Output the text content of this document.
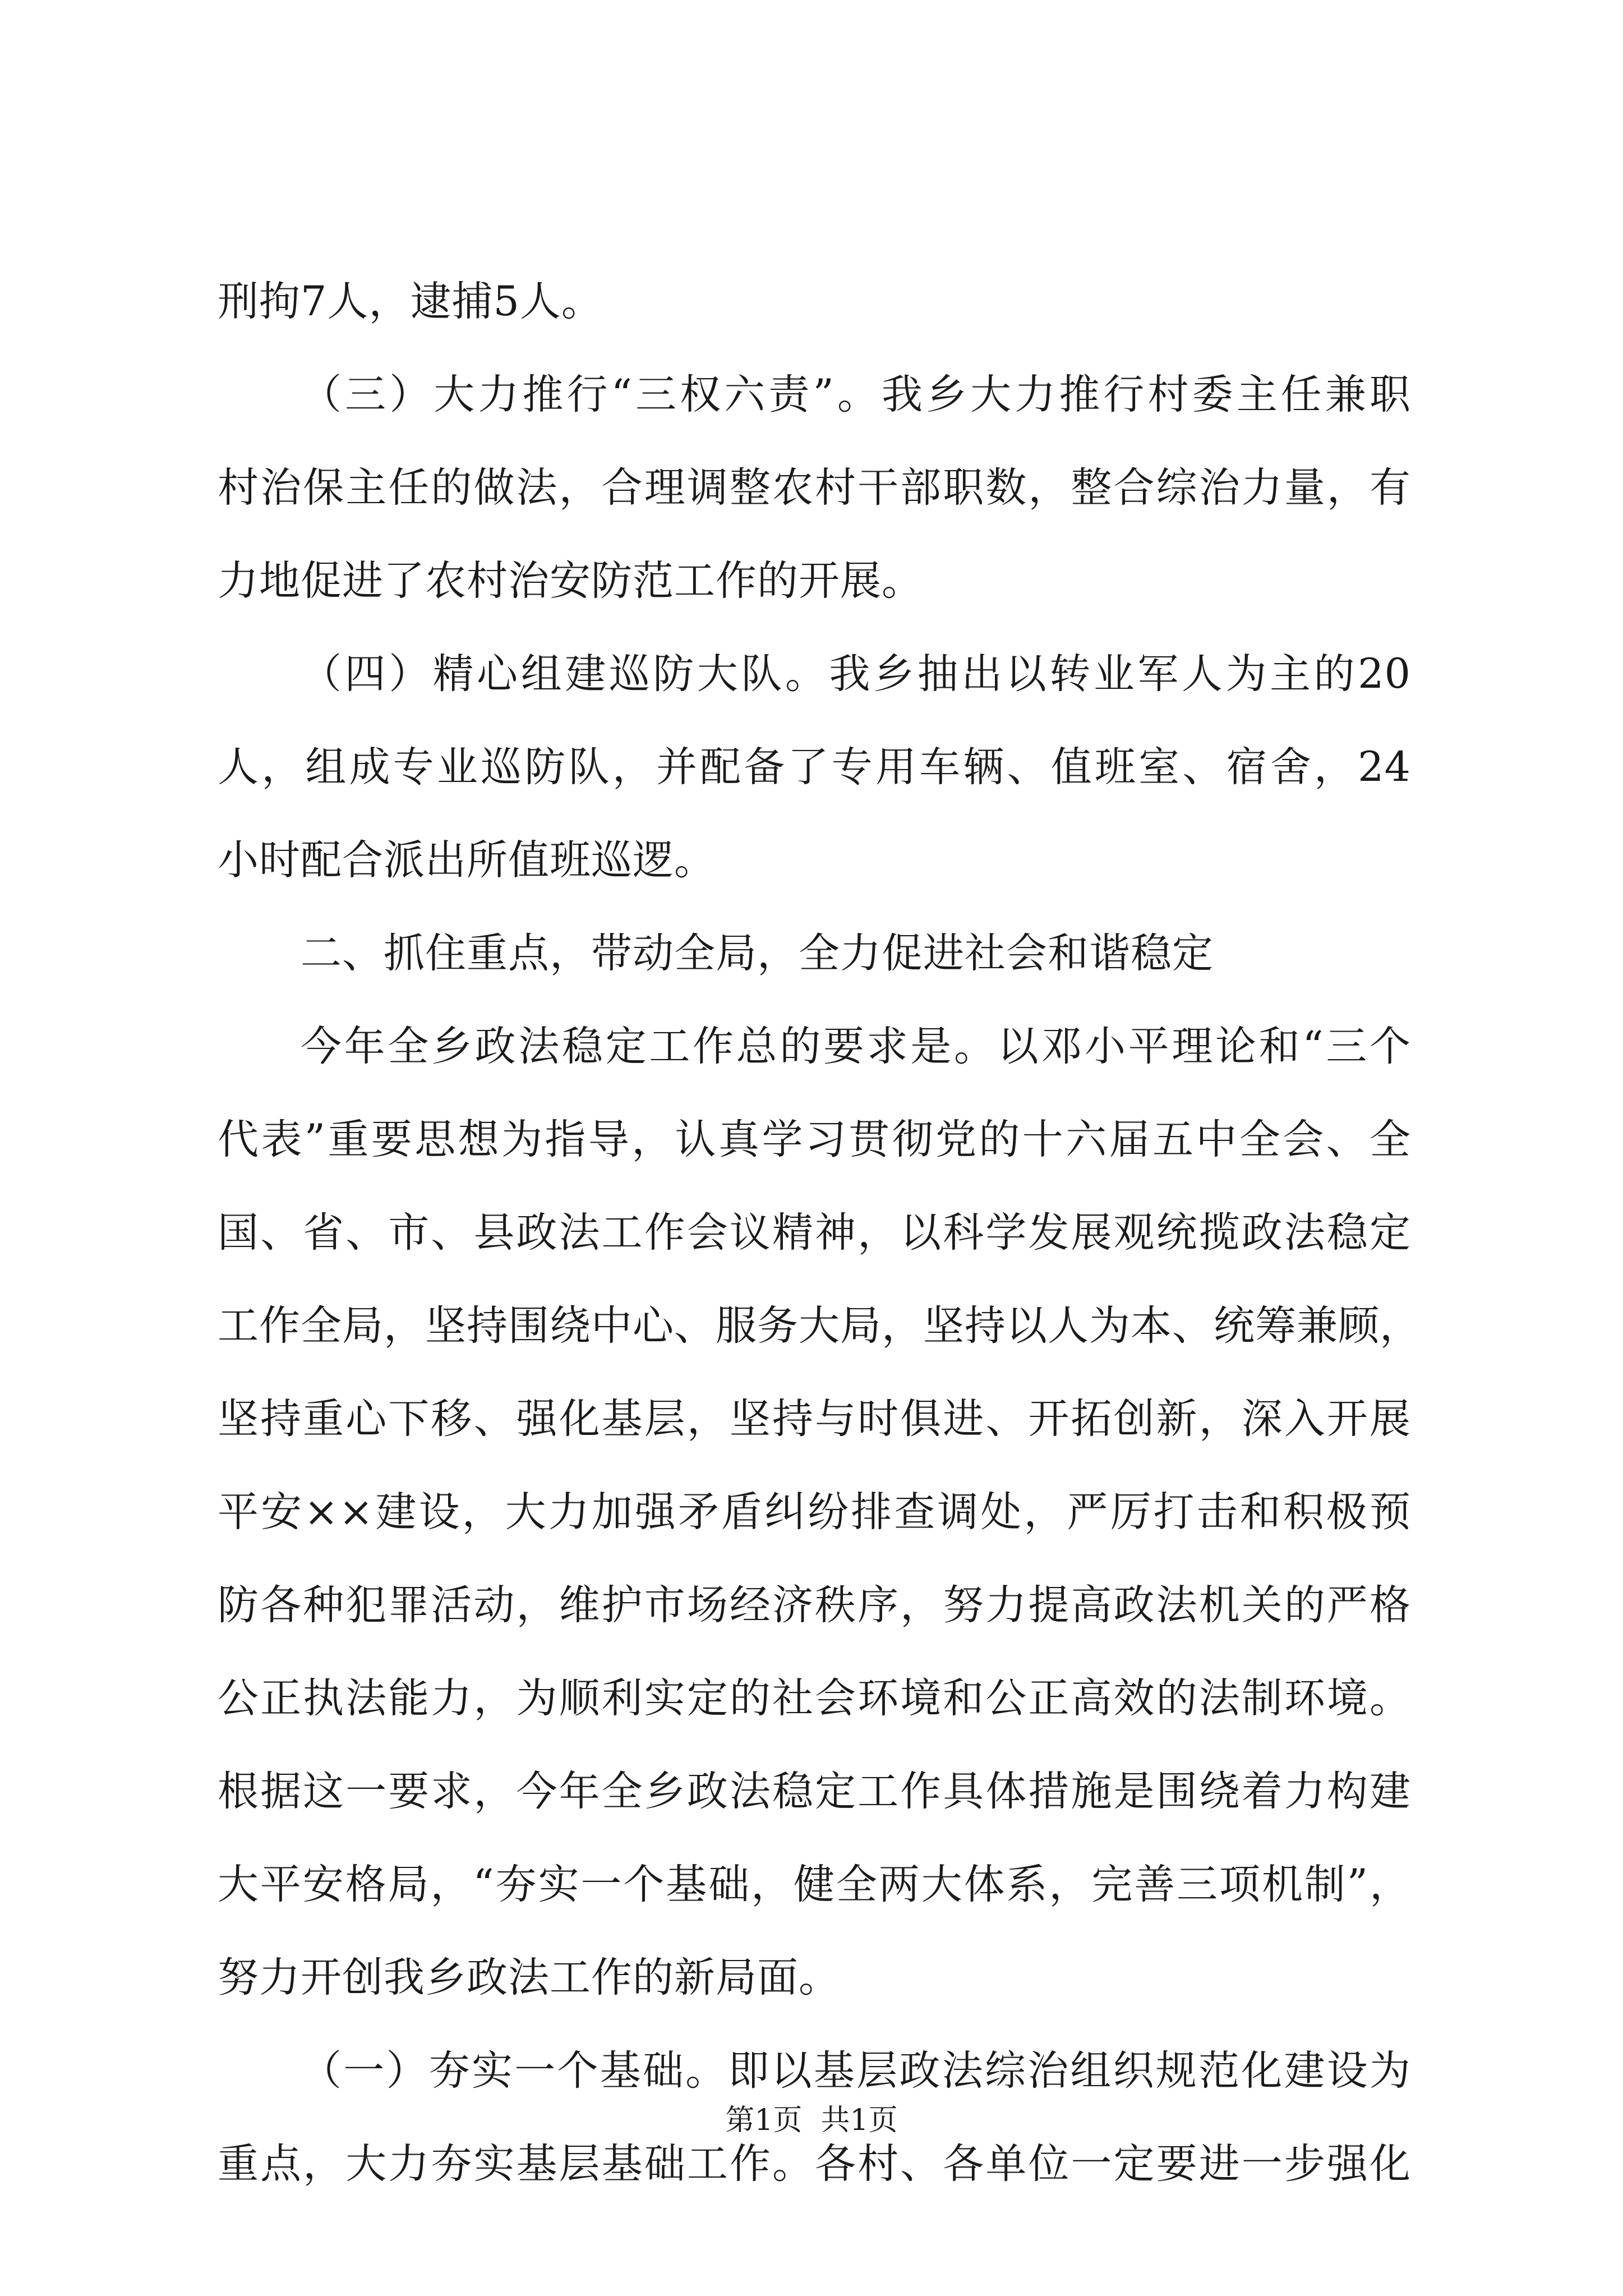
刑拘7人，逮捕5人。
（三）大力推行“三权六责”。我乡大力推行村委主任兼职
村治保主任的做法，合理调整农村干部职数，整合综治力量，有
力地促进了农村治安防范工作的开展。
（四）精心组建巡防大队。我乡抽出以转业军人为主的20
人，组成专业巡防队，并配备了专用车辆、值班室、宿舍，24
小时配合派出所值班巡逻。
二、抓住重点，带动全局，全力促进社会和谐稳定
今年全乡政法稳定工作总的要求是。以邓小平理论和“三个
代表”重要思想为指导，认真学习贯彻党的十六届五中全会、全
国、省、市、县政法工作会议精神，以科学发展观统揽政法稳定
工作全局，坚持围绕中心、服务大局，坚持以人为本、统筹兼顾，
坚持重心下移、强化基层，坚持与时俱进、开拓创新，深入开展
平安××建设，大力加强矛盾纠纷排查调处，严厉打击和积极预
防各种犯罪活动，维护市场经济秩序，努力提高政法机关的严格
公正执法能力，为顺利实定的社会环境和公正高效的法制环境。
根据这一要求，今年全乡政法稳定工作具体措施是围绕着力构建
大平安格局，“夯实一个基础，健全两大体系，完善三项机制”，
努力开创我乡政法工作的新局面。
（一）夯实一个基础。即以基层政法综治组织规范化建设为
重点，大力夯实基层基础工作。各村、各单位一定要进一步强化
第1页  共1页
